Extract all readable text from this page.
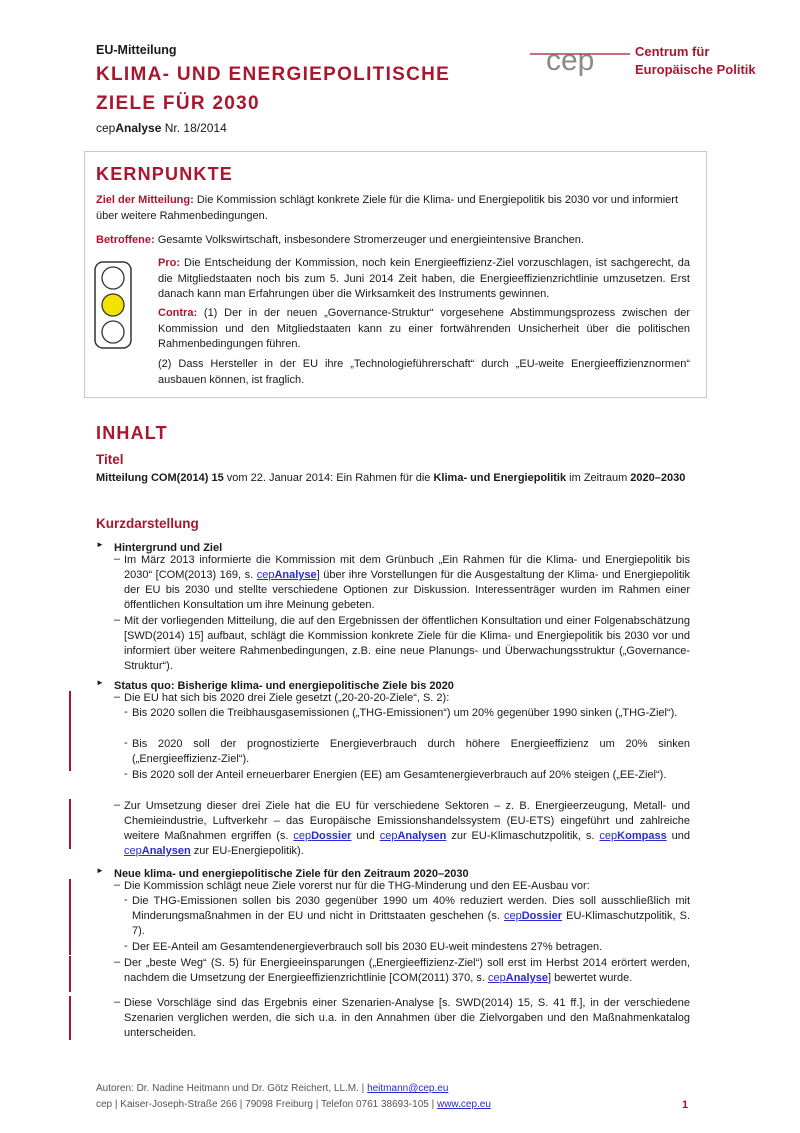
EU-Mitteilung
KLIMA- UND ENERGIEPOLITISCHE
ZIELE FÜR 2030
cepAnalyse Nr. 18/2014
cep	Centrum für
Europäische Politik
KERNPUNKTE
Ziel der Mitteilung: Die Kommission schlägt konkrete Ziele für die Klima- und Energiepolitik bis 2030 vor und informiert über weitere Rahmenbedingungen.
Betroffene: Gesamte Volkswirtschaft, insbesondere Stromerzeuger und energieintensive Branchen.
Pro: Die Entscheidung der Kommission, noch kein Energieeffizienz-Ziel vorzuschlagen, ist sachgerecht, da die Mitgliedstaaten noch bis zum 5. Juni 2014 Zeit haben, die Energieeffizienzrichtlinie umzusetzen. Erst danach kann man Erfahrungen über die Wirksamkeit des Instruments gewinnen.
Contra: (1) Der in der neuen „Governance-Struktur“ vorgesehene Abstimmungsprozess zwischen der Kommission und den Mitgliedstaaten kann zu einer fortwährenden Unsicherheit über die politischen Rahmenbedingungen führen.
(2) Dass Hersteller in der EU ihre „Technologieführerschaft“ durch „EU-weite Energieeffizienznormen“ ausbauen können, ist fraglich.
INHALT
Titel
Mitteilung COM(2014) 15 vom 22. Januar 2014: Ein Rahmen für die Klima- und Energiepolitik im Zeitraum 2020–2030
Kurzdarstellung
► Hintergrund und Ziel
– Im März 2013 informierte die Kommission mit dem Grünbuch „Ein Rahmen für die Klima- und Energiepolitik bis 2030“ [COM(2013) 169, s. cepAnalyse] über ihre Vorstellungen für die Ausgestaltung der Klima- und Energiepolitik der EU bis 2030 und stellte verschiedene Optionen zur Diskussion. Interessenträger wurden im Rahmen einer öffentlichen Konsultation um ihre Meinung gebeten.
– Mit der vorliegenden Mitteilung, die auf den Ergebnissen der öffentlichen Konsultation und einer Folgenabschätzung [SWD(2014) 15] aufbaut, schlägt die Kommission konkrete Ziele für die Klima- und Energiepolitik bis 2030 vor und informiert über weitere Rahmenbedingungen, z.B. eine neue Planungs- und Überwachungsstruktur („Governance-Struktur“).
► Status quo: Bisherige klima- und energiepolitische Ziele bis 2020
– Die EU hat sich bis 2020 drei Ziele gesetzt („20-20-20-Ziele“, S. 2):
- Bis 2020 sollen die Treibhausgasemissionen („THG-Emissionen“) um 20% gegenüber 1990 sinken („THG-Ziel“).
- Bis 2020 soll der prognostizierte Energieverbrauch durch höhere Energieeffizienz um 20% sinken („Energieeffizienz-Ziel“).
- Bis 2020 soll der Anteil erneuerbarer Energien (EE) am Gesamtenergieverbrauch auf 20% steigen („EE-Ziel“).
– Zur Umsetzung dieser drei Ziele hat die EU für verschiedene Sektoren – z. B. Energieerzeugung, Metall- und Chemieindustrie, Luftverkehr – das Europäische Emissionshandelssystem (EU-ETS) eingeführt und zahlreiche weitere Maßnahmen ergriffen (s. cepDossier und cepAnalysen zur EU-Klimaschutzpolitik, s. cepKompass und cepAnalysen zur EU-Energiepolitik).
► Neue klima- und energiepolitische Ziele für den Zeitraum 2020–2030
– Die Kommission schlägt neue Ziele vorerst nur für die THG-Minderung und den EE-Ausbau vor:
- Die THG-Emissionen sollen bis 2030 gegenüber 1990 um 40% reduziert werden. Dies soll ausschließlich mit Minderungsmaßnahmen in der EU und nicht in Drittstaaten geschehen (s. cepDossier EU-Klimaschutzpolitik, S. 7).
- Der EE-Anteil am Gesamtendenergieverbrauch soll bis 2030 EU-weit mindestens 27% betragen.
– Der „beste Weg“ (S. 5) für Energieeinsparungen („Energieeffizienz-Ziel“) soll erst im Herbst 2014 erörtert werden, nachdem die Umsetzung der Energieeffizienzrichtlinie [COM(2011) 370, s. cepAnalyse] bewertet wurde.
– Diese Vorschläge sind das Ergebnis einer Szenarien-Analyse [s. SWD(2014) 15, S. 41 ff.], in der verschiedene Szenarien verglichen werden, die sich u.a. in den Annahmen über die Zielvorgaben und den Maßnahmenkatalog unterscheiden.
Autoren: Dr. Nadine Heitmann und Dr. Götz Reichert, LL.M. | heitmann@cep.eu
cep | Kaiser-Joseph-Straße 266 | 79098 Freiburg | Telefon 0761 38693-105 | www.cep.eu	1
